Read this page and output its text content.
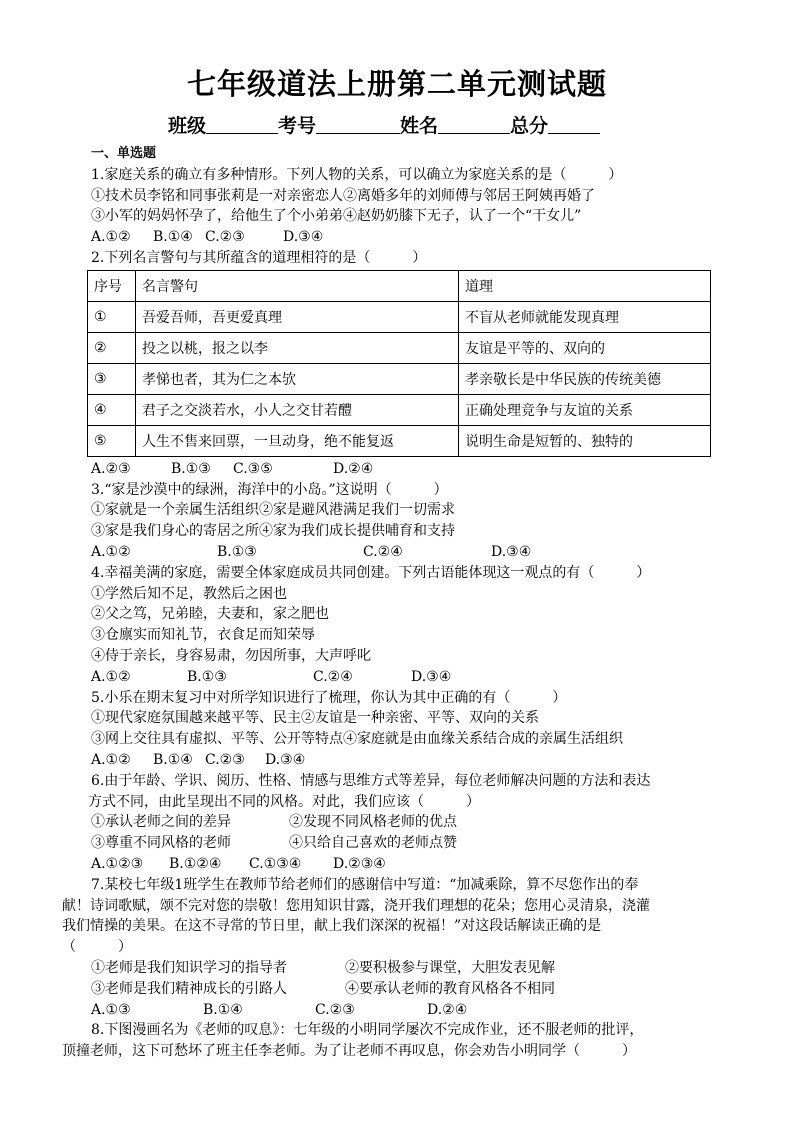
七年级道法上册第二单元测试题
班级	考号	姓名	总分
一、单选题
1.家庭关系的确立有多种情形。下列人物的关系，可以确立为家庭关系的是（　　　）
①技术员李铭和同事张莉是一对亲密恋人②离婚多年的刘师傅与邻居王阿姨再婚了
③小军的妈妈怀孕了，给他生了个小弟弟④赵奶奶膝下无子，认了一个“干女儿”
A.①② B.①④ C.②③	D.③④
2.下列名言警句与其所蕴含的道理相符的是（　　　）
序号	名言警句	道理
①	吾爱吾师，吾更爱真理	不盲从老师就能发现真理
②	投之以桃，报之以李	友谊是平等的、双向的
③	孝悌也者，其为仁之本欤	孝亲敬长是中华民族的传统美德
④	君子之交淡若水，小人之交甘若醴	正确处理竞争与友谊的关系
⑤	人生不售来回票，一旦动身，绝不能复返	说明生命是短暂的、独特的
A.②③	B.①③ C.③⑤	D.②④
3.“家是沙漠中的绿洲，海洋中的小岛。”这说明（　　　）
①家就是一个亲属生活组织②家是避风港满足我们一切需求
③家是我们身心的寄居之所④家为我们成长提供哺育和支持
A.①②	B.①③	C.②④	D.③④
4.幸福美满的家庭，需要全体家庭成员共同创建。下列古语能体现这一观点的有（　　　）
①学然后知不足，教然后之困也
②父之笃，兄弟睦，夫妻和，家之肥也
③仓廪实而知礼节，衣食足而知荣辱
④侍于亲长，身容易肃，勿因所事，大声呼叱
A.①②	B.①③	C.②④	D.③④
5.小乐在期末复习中对所学知识进行了梳理，你认为其中正确的有（　　　）
①现代家庭氛围越来越平等、民主②友谊是一种亲密、平等、双向的关系
③网上交往具有虚拟、平等、公开等特点④家庭就是由血缘关系结合成的亲属生活组织
A.①② B.①④ C.②③ D.③④
6.由于年龄、学识、阅历、性格、情感与思维方式等差异，每位老师解决问题的方法和表达
方式不同，由此呈现出不同的风格。对此，我们应该（　　　）
①承认老师之间的差异	②发现不同风格老师的优点
③尊重不同风格的老师	④只给自己喜欢的老师点赞
A.①②③ B.①②④ C.①③④ D.②③④
7.某校七年级1班学生在教师节给老师们的感谢信中写道：“加减乘除，算不尽您作出的奉
献！诗词歌赋，颂不完对您的崇敬！您用知识甘露，浇开我们理想的花朵；您用心灵清泉，浇灌
我们情操的美果。在这不寻常的节日里，献上我们深深的祝福！”对这段话解读正确的是
（　　　）
①老师是我们知识学习的指导者	②要积极参与课堂，大胆发表见解
③老师是我们精神成长的引路人	④要承认老师的教育风格各不相同
A.①③	B.①④	C.②③	D.②④
8.下图漫画名为《老师的叹息》：七年级的小明同学屡次不完成作业，还不服老师的批评，
顶撞老师，这下可愁坏了班主任李老师。为了让老师不再叹息，你会劝告小明同学（　　　）
